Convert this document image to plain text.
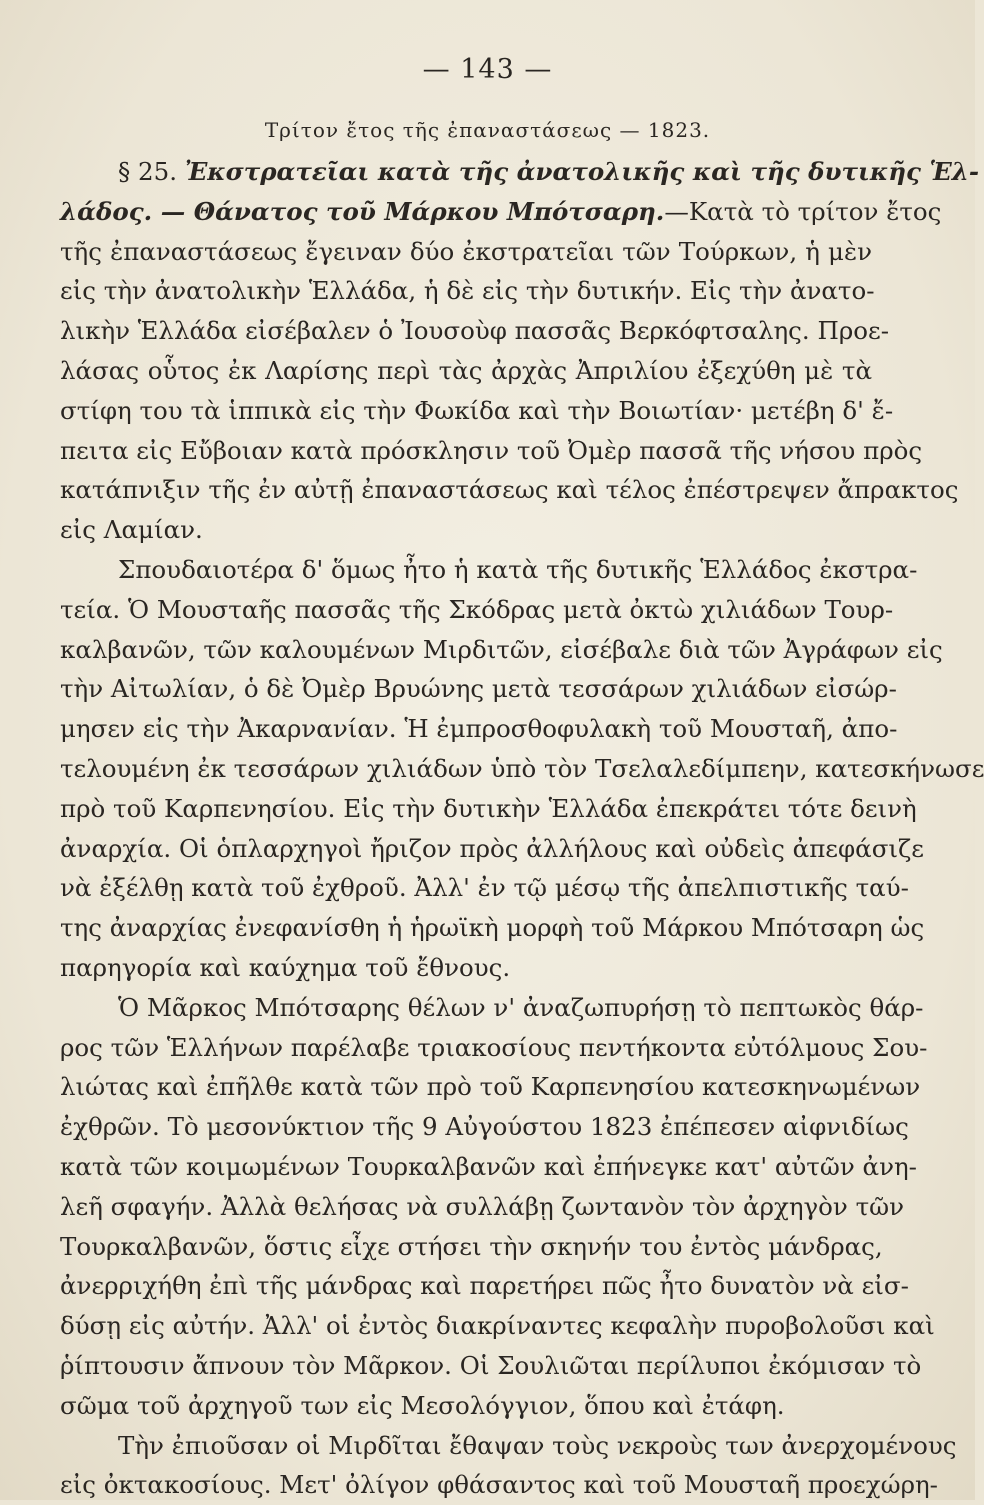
— 143 —
Τρίτον ἔτος τῆς ἐπαναστάσεως — 1823.
§ 25. Ἐκστρατεῖαι κατὰ τῆς ἀνατολικῆς καὶ τῆς δυτικῆς Ἑλ-
λάδος. — Θάνατος τοῦ Μάρκου Μπότσαρη.—Κατὰ τὸ τρίτον ἔτος
τῆς ἐπαναστάσεως ἔγειναν δύο ἐκστρατεῖαι τῶν Τούρκων, ἡ μὲν
εἰς τὴν ἀνατολικὴν Ἑλλάδα, ἡ δὲ εἰς τὴν δυτικήν. Εἰς τὴν ἀνατο-
λικὴν Ἑλλάδα εἰσέβαλεν ὁ Ἰουσοὺφ πασσᾶς Βερκόφτσαλης. Προε-
λάσας οὗτος ἐκ Λαρίσης περὶ τὰς ἀρχὰς Ἀπριλίου ἐξεχύθη μὲ τὰ
στίφη του τὰ ἱππικὰ εἰς τὴν Φωκίδα καὶ τὴν Βοιωτίαν· μετέβη δ' ἔ-
πειτα εἰς Εὔβοιαν κατὰ πρόσκλησιν τοῦ Ὀμὲρ πασσᾶ τῆς νήσου πρὸς
κατάπνιξιν τῆς ἐν αὐτῇ ἐπαναστάσεως καὶ τέλος ἐπέστρεψεν ἄπρακτος
εἰς Λαμίαν.
Σπουδαιοτέρα δ' ὅμως ἦτο ἡ κατὰ τῆς δυτικῆς Ἑλλάδος ἐκστρα-
τεία. Ὁ Μουσταῆς πασσᾶς τῆς Σκόδρας μετὰ ὀκτὼ χιλιάδων Τουρ-
καλβανῶν, τῶν καλουμένων Μιρδιτῶν, εἰσέβαλε διὰ τῶν Ἀγράφων εἰς
τὴν Αἰτωλίαν, ὁ δὲ Ὀμὲρ Βρυώνης μετὰ τεσσάρων χιλιάδων εἰσώρ-
μησεν εἰς τὴν Ἀκαρνανίαν. Ἡ ἐμπροσθοφυλακὴ τοῦ Μουσταῆ, ἀπο-
τελουμένη ἐκ τεσσάρων χιλιάδων ὑπὸ τὸν Τσελαλεδίμπεην, κατεσκήνωσε
πρὸ τοῦ Καρπενησίου. Εἰς τὴν δυτικὴν Ἑλλάδα ἐπεκράτει τότε δεινὴ
ἀναρχία. Οἱ ὁπλαρχηγοὶ ἤριζον πρὸς ἀλλήλους καὶ οὐδεὶς ἀπεφάσιζε
νὰ ἐξέλθῃ κατὰ τοῦ ἐχθροῦ. Ἀλλ' ἐν τῷ μέσῳ τῆς ἀπελπιστικῆς ταύ-
της ἀναρχίας ἐνεφανίσθη ἡ ἡρωϊκὴ μορφὴ τοῦ Μάρκου Μπότσαρη ὡς
παρηγορία καὶ καύχημα τοῦ ἔθνους.
Ὁ Μᾶρκος Μπότσαρης θέλων ν' ἀναζωπυρήσῃ τὸ πεπτωκὸς θάρ-
ρος τῶν Ἑλλήνων παρέλαβε τριακοσίους πεντήκοντα εὐτόλμους Σου-
λιώτας καὶ ἐπῆλθε κατὰ τῶν πρὸ τοῦ Καρπενησίου κατεσκηνωμένων
ἐχθρῶν. Τὸ μεσονύκτιον τῆς 9 Αὐγούστου 1823 ἐπέπεσεν αἰφνιδίως
κατὰ τῶν κοιμωμένων Τουρκαλβανῶν καὶ ἐπήνεγκε κατ' αὐτῶν ἀνη-
λεῆ σφαγήν. Ἀλλὰ θελήσας νὰ συλλάβῃ ζωντανὸν τὸν ἀρχηγὸν τῶν
Τουρκαλβανῶν, ὅστις εἶχε στήσει τὴν σκηνήν του ἐντὸς μάνδρας,
ἀνερριχήθη ἐπὶ τῆς μάνδρας καὶ παρετήρει πῶς ἦτο δυνατὸν νὰ εἰσ-
δύσῃ εἰς αὐτήν. Ἀλλ' οἱ ἐντὸς διακρίναντες κεφαλὴν πυροβολοῦσι καὶ
ῥίπτουσιν ἄπνουν τὸν Μᾶρκον. Οἱ Σουλιῶται περίλυποι ἐκόμισαν τὸ
σῶμα τοῦ ἀρχηγοῦ των εἰς Μεσολόγγιον, ὅπου καὶ ἐτάφη.
Τὴν ἐπιοῦσαν οἱ Μιρδῖται ἔθαψαν τοὺς νεκροὺς των ἀνερχομένους
εἰς ὀκτακοσίους. Μετ' ὀλίγον φθάσαντος καὶ τοῦ Μουσταῆ προεχώρη-
